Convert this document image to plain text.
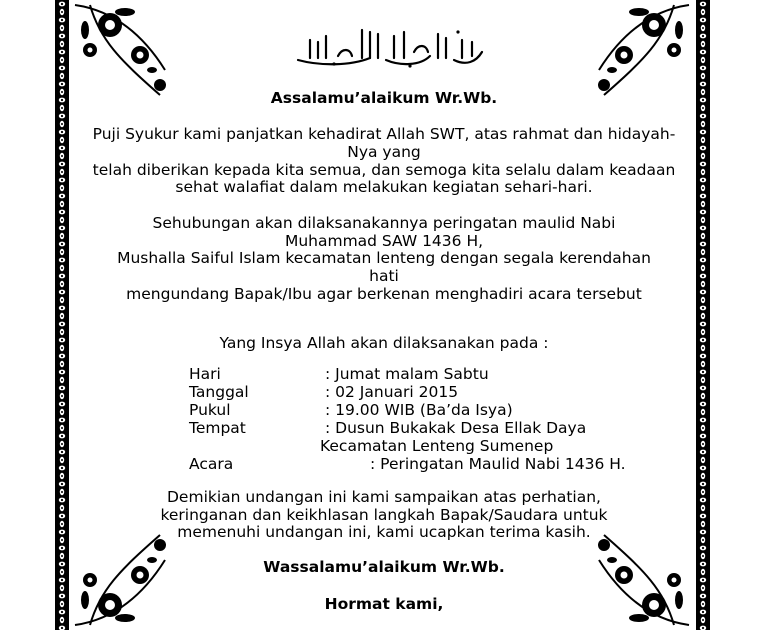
Assalamu’alaikum Wr.Wb.
Puji Syukur kami panjatkan kehadirat Allah SWT, atas rahmat dan hidayah-
Nya yang
telah diberikan kepada kita semua, dan semoga kita selalu dalam keadaan
sehat walafiat dalam melakukan kegiatan sehari-hari.
Sehubungan akan dilaksanakannya peringatan maulid Nabi
Muhammad SAW 1436 H,
Mushalla Saiful Islam kecamatan lenteng dengan segala kerendahan
hati
mengundang Bapak/Ibu agar berkenan menghadiri acara tersebut
Yang Insya Allah akan dilaksanakan pada :
Hari	: Jumat malam Sabtu
Tanggal	: 02 Januari 2015
Pukul	: 19.00 WIB (Ba’da Isya)
Tempat	: Dusun Bukakak Desa Ellak Daya
Kecamatan Lenteng Sumenep
Acara	: Peringatan Maulid Nabi 1436 H.
Demikian undangan ini kami sampaikan atas perhatian,
keringanan dan keikhlasan langkah Bapak/Saudara untuk
memenuhi undangan ini, kami ucapkan terima kasih.
Wassalamu’alaikum Wr.Wb.
Hormat kami,
